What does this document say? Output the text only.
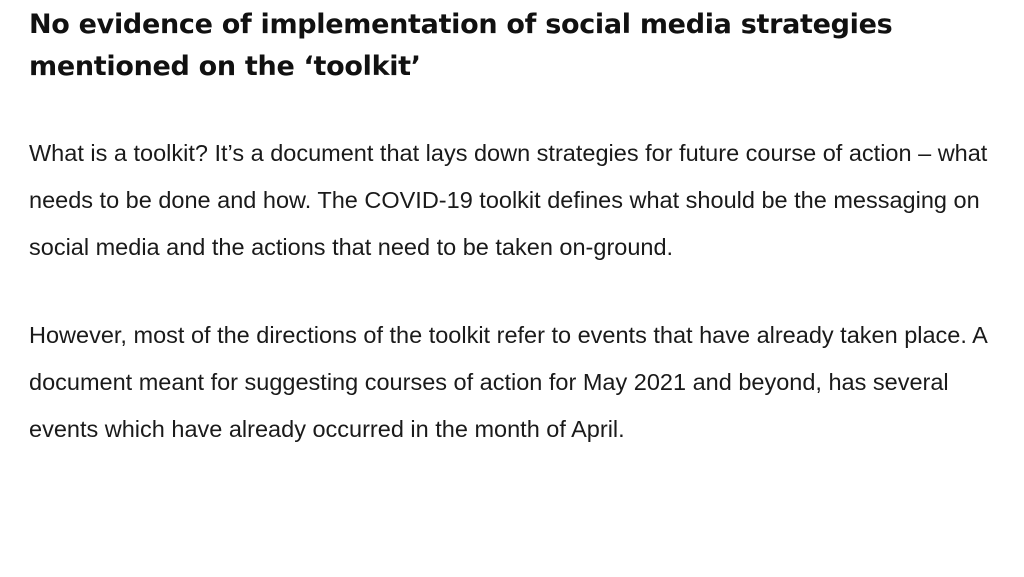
No evidence of implementation of social media strategies mentioned on the ‘toolkit’

What is a toolkit? It’s a document that lays down strategies for future course of action – what needs to be done and how. The COVID-19 toolkit defines what should be the messaging on social media and the actions that need to be taken on-ground.

However, most of the directions of the toolkit refer to events that have already taken place. A document meant for suggesting courses of action for May 2021 and beyond, has several events which have already occurred in the month of April.
